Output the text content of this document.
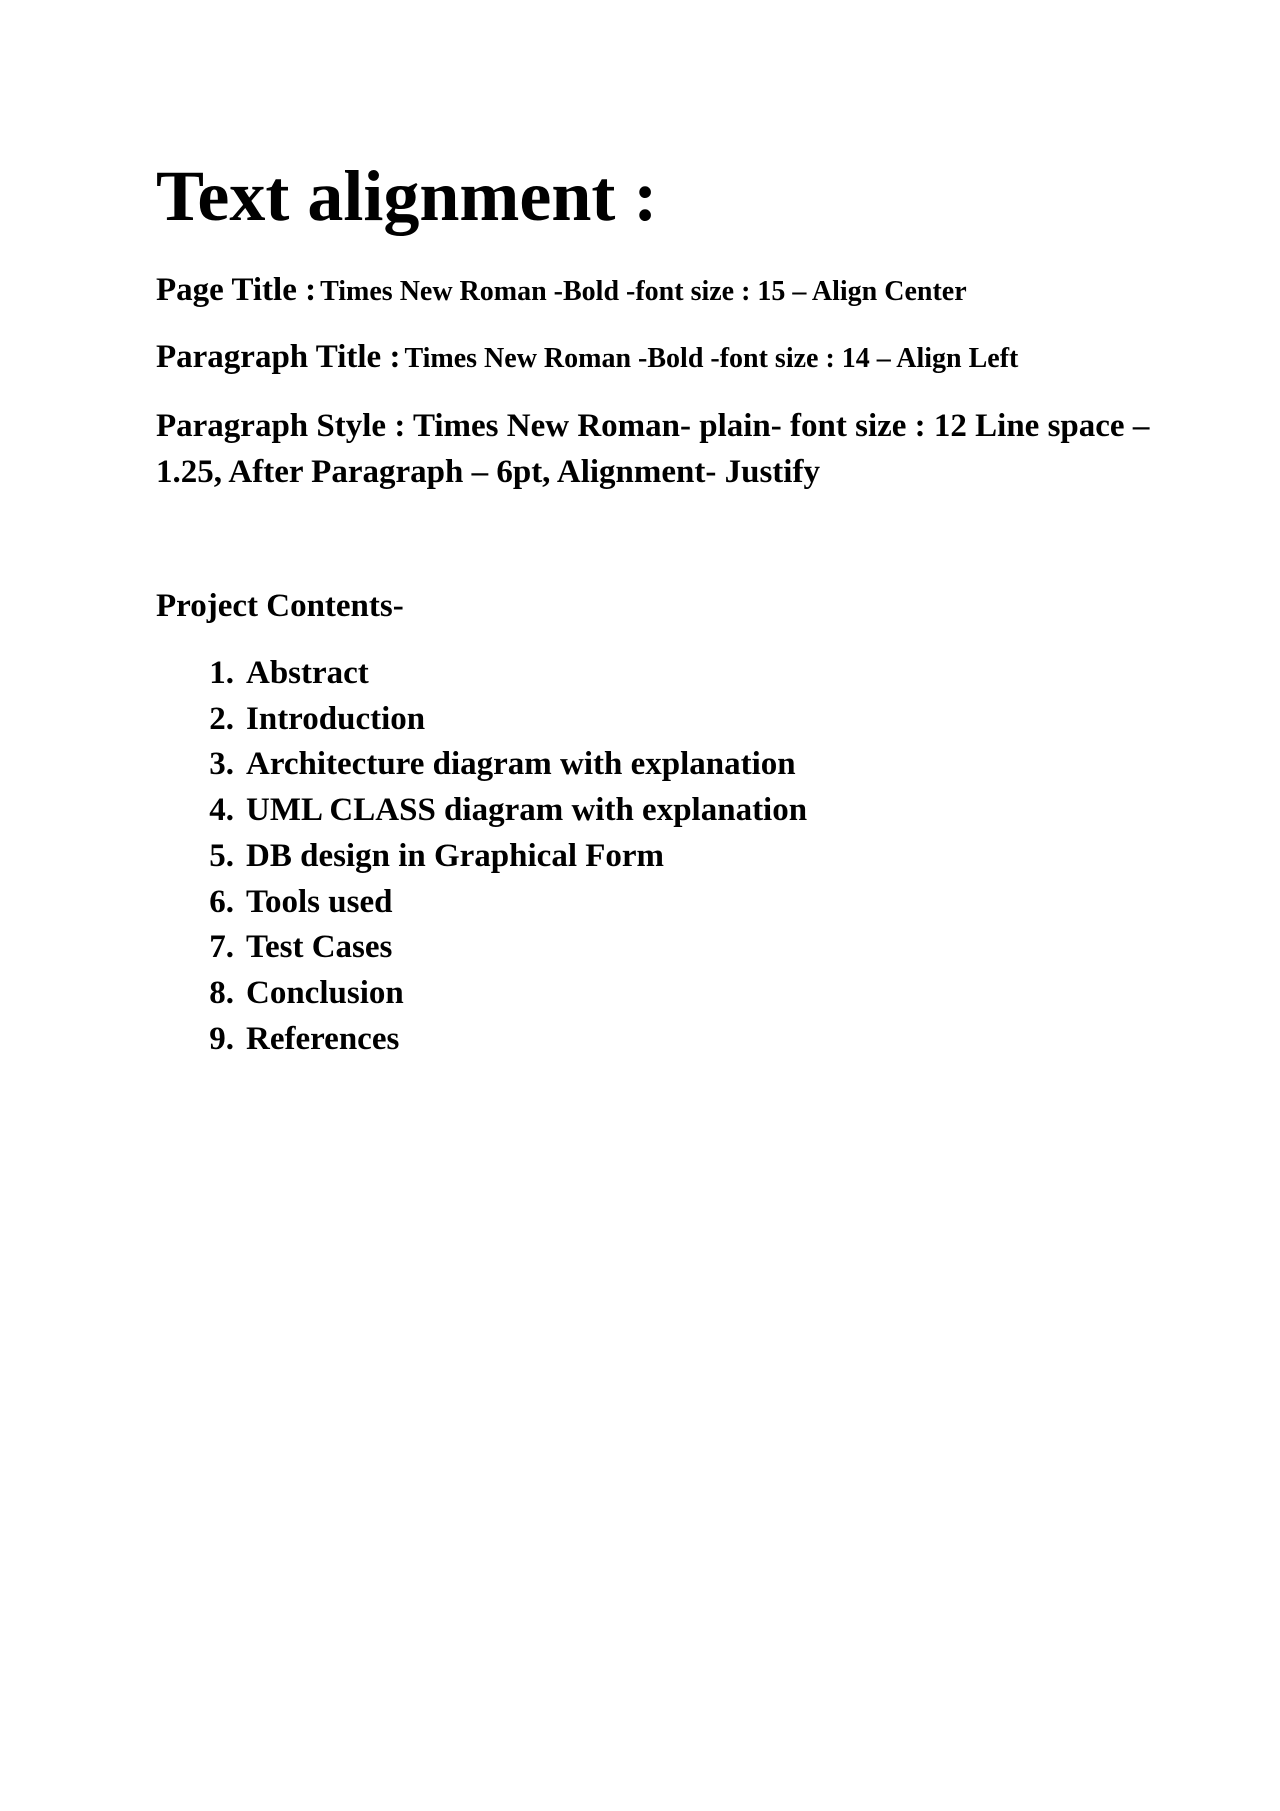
Text alignment :

Page Title : Times New Roman -Bold -font size : 15 – Align Center

Paragraph Title : Times New Roman -Bold -font size : 14 – Align Left

Paragraph Style : Times New Roman- plain- font size : 12 Line space – 1.25, After Paragraph – 6pt, Alignment- Justify

Project Contents-

1. Abstract
2. Introduction
3. Architecture diagram with explanation
4. UML CLASS diagram with explanation
5. DB design in Graphical Form
6. Tools used
7. Test Cases
8. Conclusion
9. References
